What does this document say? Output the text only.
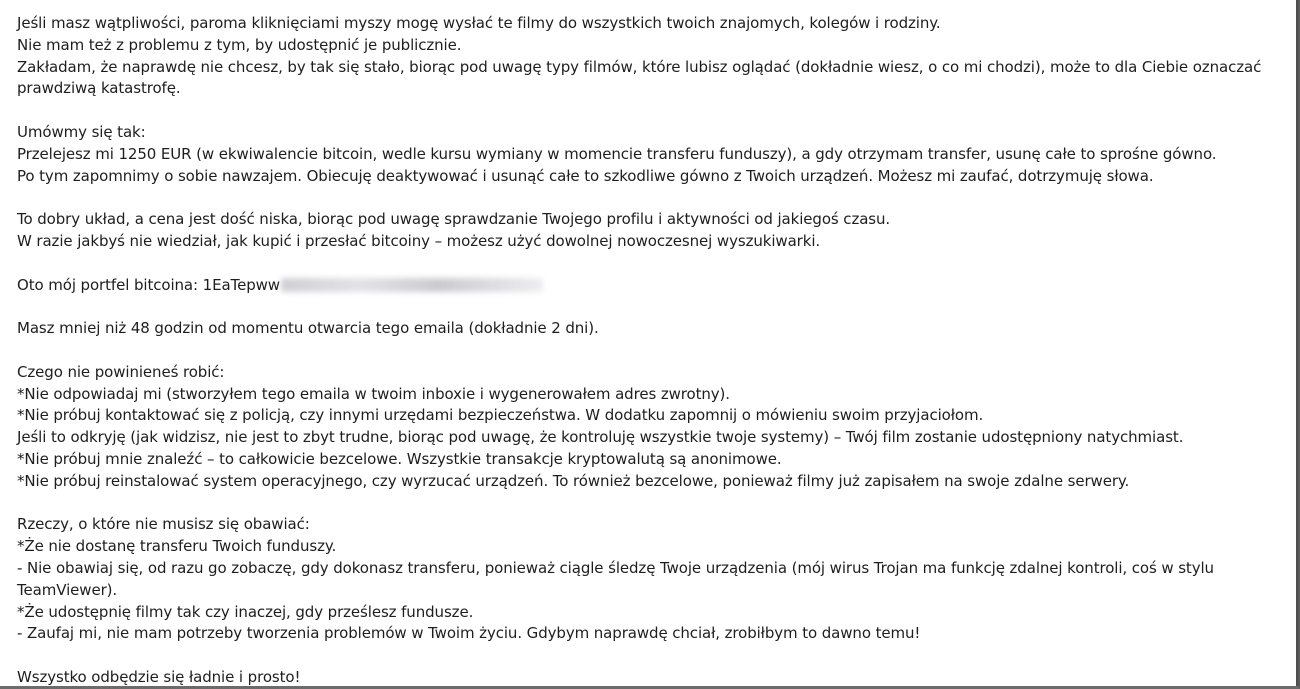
Jeśli masz wątpliwości, paroma kliknięciami myszy mogę wysłać te filmy do wszystkich twoich znajomych, kolegów i rodziny.
Nie mam też z problemu z tym, by udostępnić je publicznie.
Zakładam, że naprawdę nie chcesz, by tak się stało, biorąc pod uwagę typy filmów, które lubisz oglądać (dokładnie wiesz, o co mi chodzi), może to dla Ciebie oznaczać
prawdziwą katastrofę.
Umówmy się tak:
Przelejesz mi 1250 EUR (w ekwiwalencie bitcoin, wedle kursu wymiany w momencie transferu funduszy), a gdy otrzymam transfer, usunę całe to sprośne gówno.
Po tym zapomnimy o sobie nawzajem. Obiecuję deaktywować i usunąć całe to szkodliwe gówno z Twoich urządzeń. Możesz mi zaufać, dotrzymuję słowa.
To dobry układ, a cena jest dość niska, biorąc pod uwagę sprawdzanie Twojego profilu i aktywności od jakiegoś czasu.
W razie jakbyś nie wiedział, jak kupić i przesłać bitcoiny – możesz użyć dowolnej nowoczesnej wyszukiwarki.
Oto mój portfel bitcoina: 1EaTepww
Masz mniej niż 48 godzin od momentu otwarcia tego emaila (dokładnie 2 dni).
Czego nie powinieneś robić:
*Nie odpowiadaj mi (stworzyłem tego emaila w twoim inboxie i wygenerowałem adres zwrotny).
*Nie próbuj kontaktować się z policją, czy innymi urzędami bezpieczeństwa. W dodatku zapomnij o mówieniu swoim przyjaciołom.
Jeśli to odkryję (jak widzisz, nie jest to zbyt trudne, biorąc pod uwagę, że kontroluję wszystkie twoje systemy) – Twój film zostanie udostępniony natychmiast.
*Nie próbuj mnie znaleźć – to całkowicie bezcelowe. Wszystkie transakcje kryptowalutą są anonimowe.
*Nie próbuj reinstalować system operacyjnego, czy wyrzucać urządzeń. To również bezcelowe, ponieważ filmy już zapisałem na swoje zdalne serwery.
Rzeczy, o które nie musisz się obawiać:
*Że nie dostanę transferu Twoich funduszy.
- Nie obawiaj się, od razu go zobaczę, gdy dokonasz transferu, ponieważ ciągle śledzę Twoje urządzenia (mój wirus Trojan ma funkcję zdalnej kontroli, coś w stylu
TeamViewer).
*Że udostępnię filmy tak czy inaczej, gdy prześlesz fundusze.
- Zaufaj mi, nie mam potrzeby tworzenia problemów w Twoim życiu. Gdybym naprawdę chciał, zrobiłbym to dawno temu!
Wszystko odbędzie się ładnie i prosto!
